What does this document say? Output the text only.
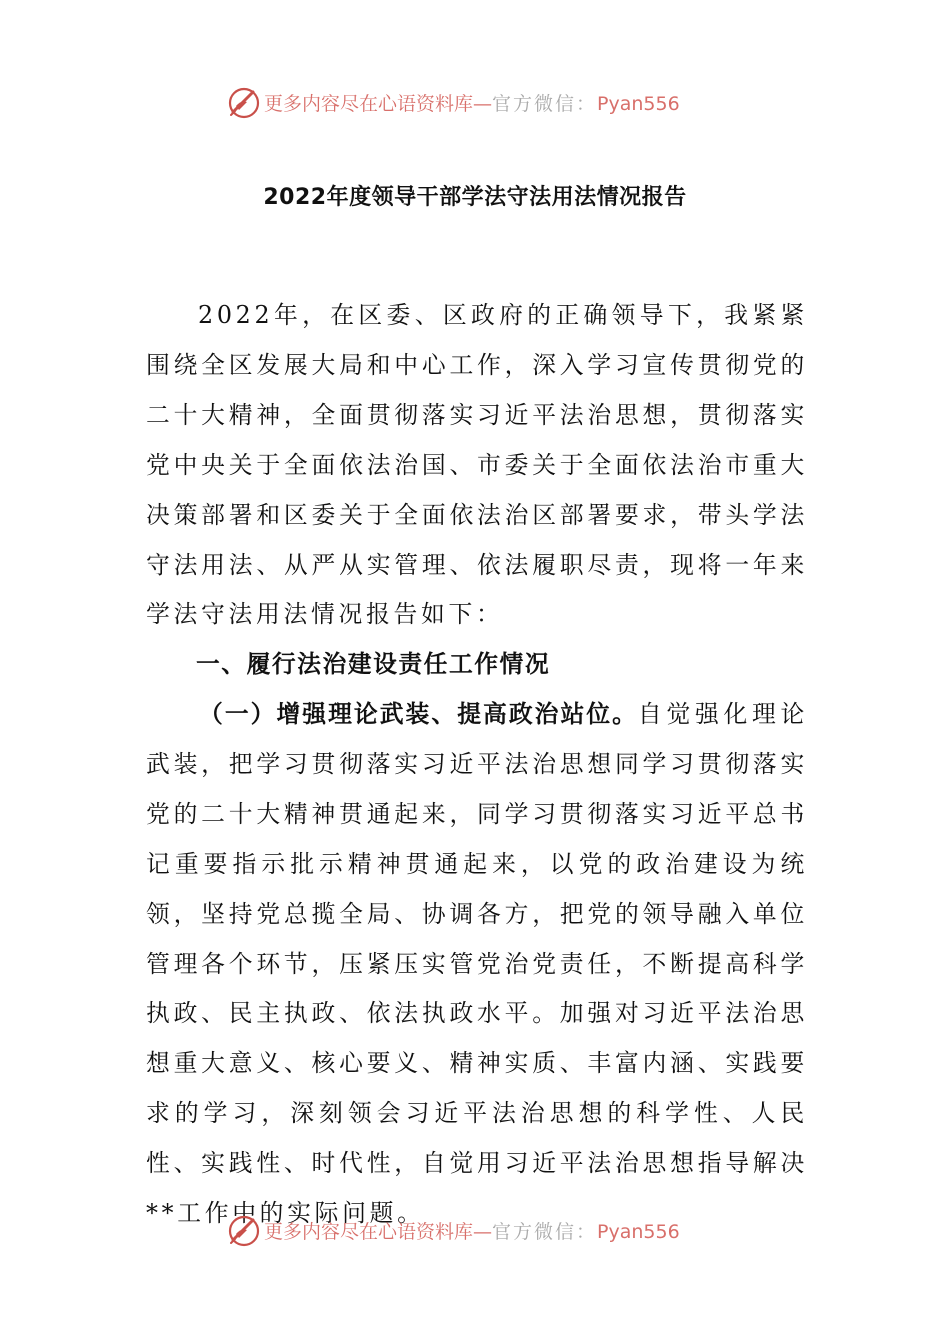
更多内容尽在心语资料库—官方微信：Pyan556
2022年度领导干部学法守法用法情况报告

2022年，在区委、区政府的正确领导下，我紧紧围绕全区发展大局和中心工作，深入学习宣传贯彻党的二十大精神，全面贯彻落实习近平法治思想，贯彻落实党中央关于全面依法治国、市委关于全面依法治市重大决策部署和区委关于全面依法治区部署要求，带头学法守法用法、从严从实管理、依法履职尽责，现将一年来学法守法用法情况报告如下：

一、履行法治建设责任工作情况

（一）增强理论武装、提高政治站位。自觉强化理论武装，把学习贯彻落实习近平法治思想同学习贯彻落实党的二十大精神贯通起来，同学习贯彻落实习近平总书记重要指示批示精神贯通起来，以党的政治建设为统领，坚持党总揽全局、协调各方，把党的领导融入单位管理各个环节，压紧压实管党治党责任，不断提高科学执政、民主执政、依法执政水平。加强对习近平法治思想重大意义、核心要义、精神实质、丰富内涵、实践要求的学习，深刻领会习近平法治思想的科学性、人民性、实践性、时代性，自觉用习近平法治思想指导解决**工作中的实际问题。

更多内容尽在心语资料库—官方微信：Pyan556
